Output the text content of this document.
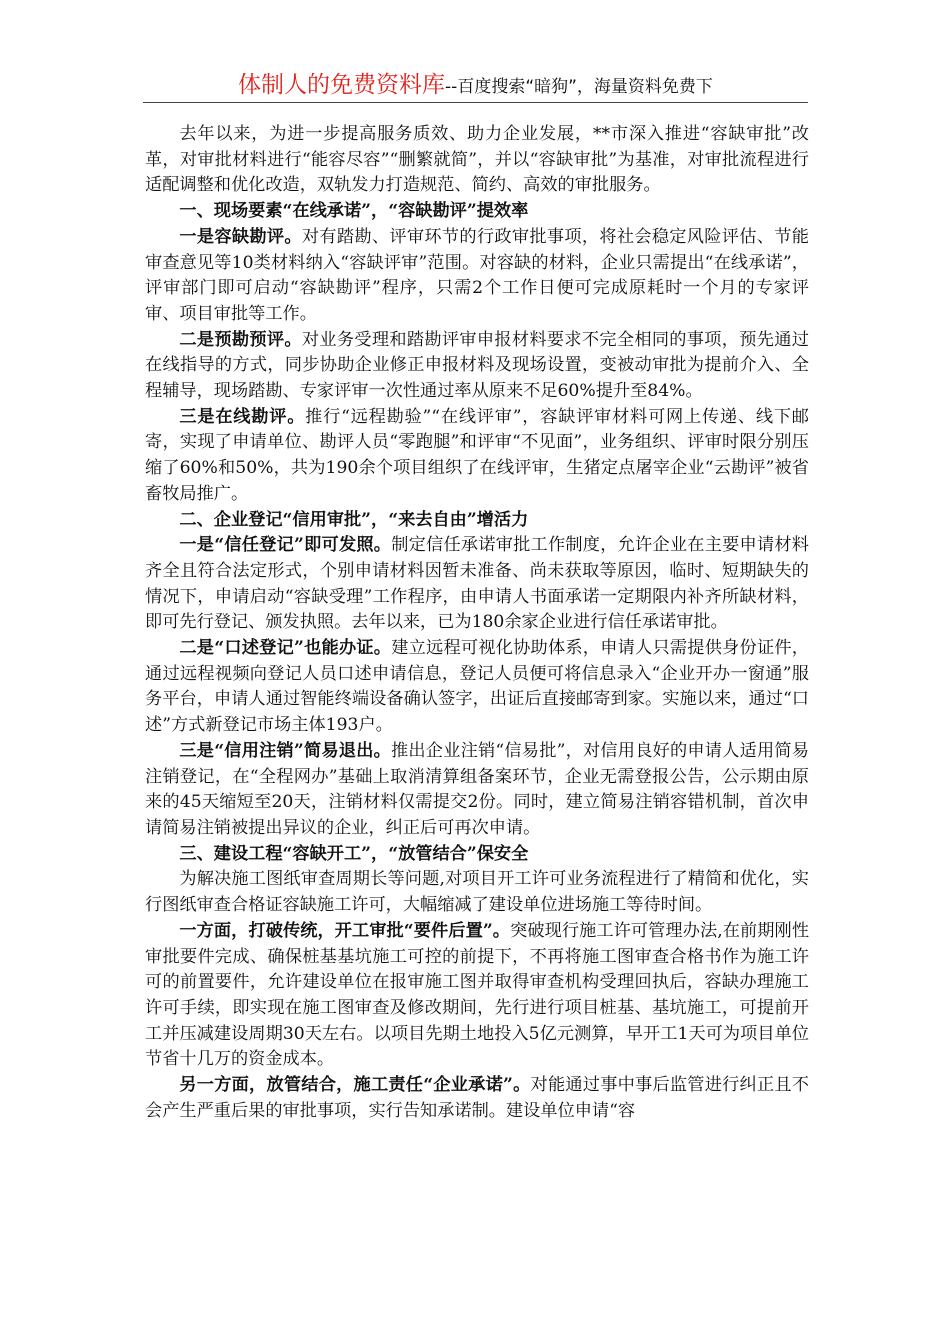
体制人的免费资料库--百度搜索“暗狗”，海量资料免费下

去年以来，为进一步提高服务质效、助力企业发展，**市深入推进“容缺审批”改革，对审批材料进行“能容尽容”“删繁就简”，并以“容缺审批”为基准，对审批流程进行适配调整和优化改造，双轨发力打造规范、简约、高效的审批服务。

一、现场要素“在线承诺”，“容缺勘评”提效率

一是容缺勘评。对有踏勘、评审环节的行政审批事项，将社会稳定风险评估、节能审查意见等10类材料纳入“容缺评审”范围。对容缺的材料，企业只需提出“在线承诺”，评审部门即可启动“容缺勘评”程序，只需2个工作日便可完成原耗时一个月的专家评审、项目审批等工作。

二是预勘预评。对业务受理和踏勘评审申报材料要求不完全相同的事项，预先通过在线指导的方式，同步协助企业修正申报材料及现场设置，变被动审批为提前介入、全程辅导，现场踏勘、专家评审一次性通过率从原来不足60%提升至84%。

三是在线勘评。推行“远程勘验”“在线评审”，容缺评审材料可网上传递、线下邮寄，实现了申请单位、勘评人员“零跑腿”和评审“不见面”，业务组织、评审时限分别压缩了60%和50%，共为190余个项目组织了在线评审，生猪定点屠宰企业“云勘评”被省畜牧局推广。

二、企业登记“信用审批”，“来去自由”增活力

一是“信任登记”即可发照。制定信任承诺审批工作制度，允许企业在主要申请材料齐全且符合法定形式，个别申请材料因暂未准备、尚未获取等原因，临时、短期缺失的情况下，申请启动“容缺受理”工作程序，由申请人书面承诺一定期限内补齐所缺材料，即可先行登记、颁发执照。去年以来，已为180余家企业进行信任承诺审批。

二是“口述登记”也能办证。建立远程可视化协助体系，申请人只需提供身份证件，通过远程视频向登记人员口述申请信息，登记人员便可将信息录入“企业开办一窗通”服务平台，申请人通过智能终端设备确认签字，出证后直接邮寄到家。实施以来，通过“口述”方式新登记市场主体193户。

三是“信用注销”简易退出。推出企业注销“信易批”，对信用良好的申请人适用简易注销登记，在“全程网办”基础上取消清算组备案环节，企业无需登报公告，公示期由原来的45天缩短至20天，注销材料仅需提交2份。同时，建立简易注销容错机制，首次申请简易注销被提出异议的企业，纠正后可再次申请。

三、建设工程“容缺开工”，“放管结合”保安全

为解决施工图纸审查周期长等问题,对项目开工许可业务流程进行了精简和优化，实行图纸审查合格证容缺施工许可，大幅缩减了建设单位进场施工等待时间。

一方面，打破传统，开工审批“要件后置”。突破现行施工许可管理办法,在前期刚性审批要件完成、确保桩基基坑施工可控的前提下，不再将施工图审查合格书作为施工许可的前置要件，允许建设单位在报审施工图并取得审查机构受理回执后，容缺办理施工许可手续，即实现在施工图审查及修改期间，先行进行项目桩基、基坑施工，可提前开工并压减建设周期30天左右。以项目先期土地投入5亿元测算，早开工1天可为项目单位节省十几万的资金成本。

另一方面，放管结合，施工责任“企业承诺”。对能通过事中事后监管进行纠正且不会产生严重后果的审批事项，实行告知承诺制。建设单位申请“容
